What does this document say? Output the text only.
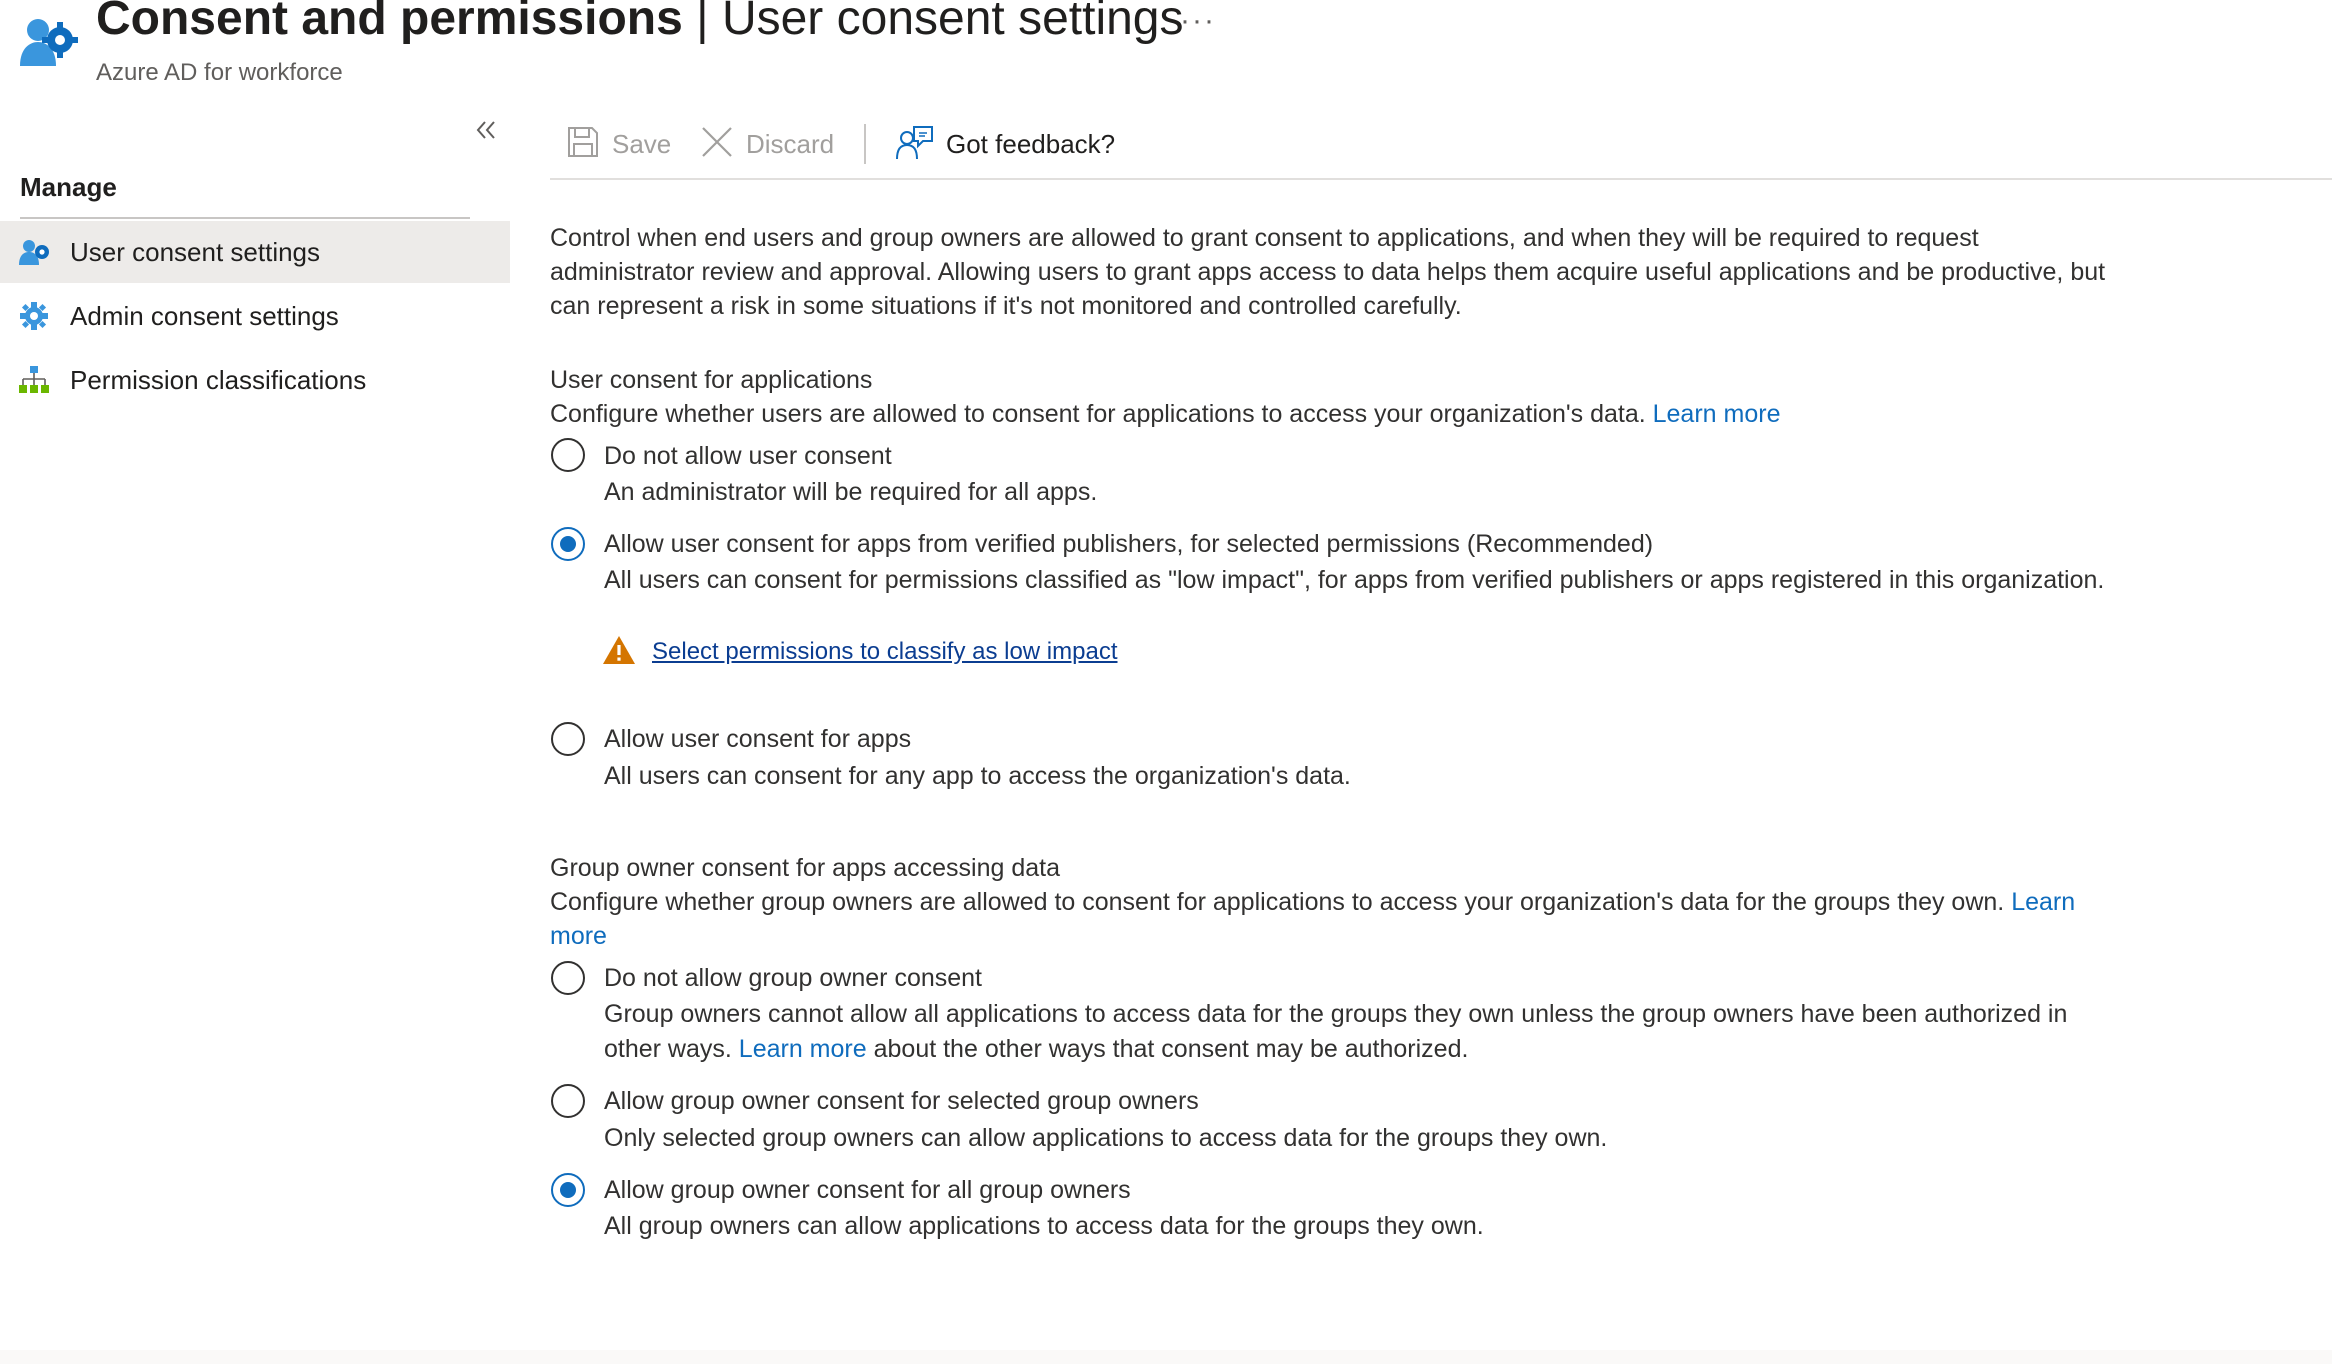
Consent and permissions | User consent settings
···
Azure AD for workforce
Manage
User consent settings
Admin consent settings
Permission classifications
Save	Discard	Got feedback?
Control when end users and group owners are allowed to grant consent to applications, and when they will be required to request
administrator review and approval. Allowing users to grant apps access to data helps them acquire useful applications and be productive, but
can represent a risk in some situations if it's not monitored and controlled carefully.
User consent for applications
Configure whether users are allowed to consent for applications to access your organization's data. Learn more
Do not allow user consent
An administrator will be required for all apps.
Allow user consent for apps from verified publishers, for selected permissions (Recommended)
All users can consent for permissions classified as "low impact", for apps from verified publishers or apps registered in this organization.
Select permissions to classify as low impact
Allow user consent for apps
All users can consent for any app to access the organization's data.
Group owner consent for apps accessing data
Configure whether group owners are allowed to consent for applications to access your organization's data for the groups they own. Learn
more
Do not allow group owner consent
Group owners cannot allow all applications to access data for the groups they own unless the group owners have been authorized in
other ways. Learn more about the other ways that consent may be authorized.
Allow group owner consent for selected group owners
Only selected group owners can allow applications to access data for the groups they own.
Allow group owner consent for all group owners
All group owners can allow applications to access data for the groups they own.
